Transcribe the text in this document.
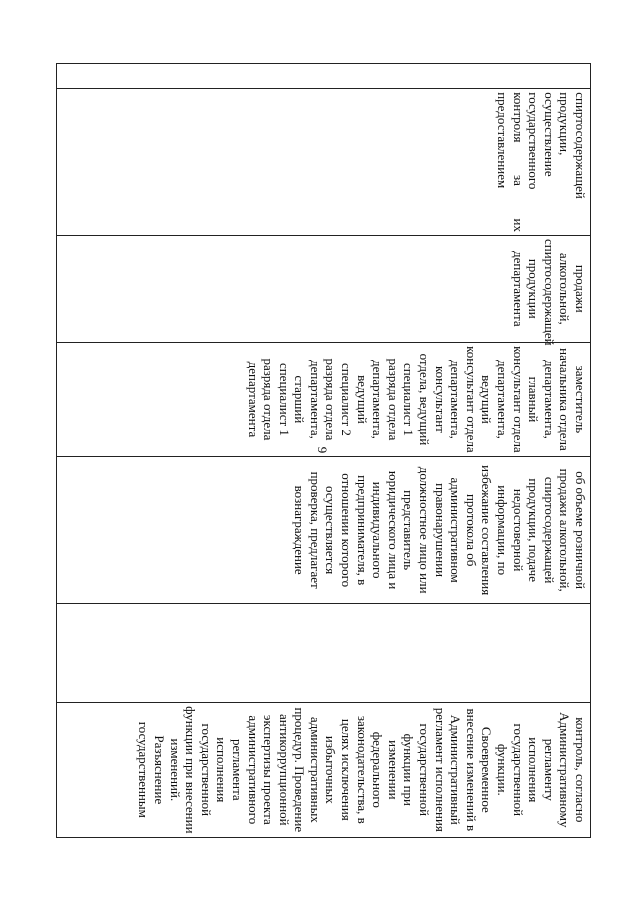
9
	спиртосодержащей продукции, осуществление государственного контроля за их предоставлением	продажи алкогольной, спиртосодержащей продукции департамента	заместитель начальника отдела департамента, главный консультант отдела департамента, ведущий консультант отдела департамента, консультант отдела, ведущий специалист 1 разряда отдела департамента, ведущий специалист 2 разряда отдела департамента, старший специалист 1 разряда отдела департамента	об объеме розничной продажи алкогольной, спиртосодержащей продукции, подаче недостоверной информации, по избежание составления протокола об административном правонарушении должностное лицо или представитель юридического лица и индивидуального предпринимателя, в отношении которого осуществляется проверка, предлагает вознаграждение		контроль, согласно Административному регламенту исполнения государственной функции. Своевременное внесение изменений в Административный регламент исполнения государственной функции при изменении федерального законодательства, в целях исключения избыточных административных процедур. Проведение антикоррупционной экспертизы проекта административного регламента исполнения государственной функции при внесении изменений. Разъяснение государственным
